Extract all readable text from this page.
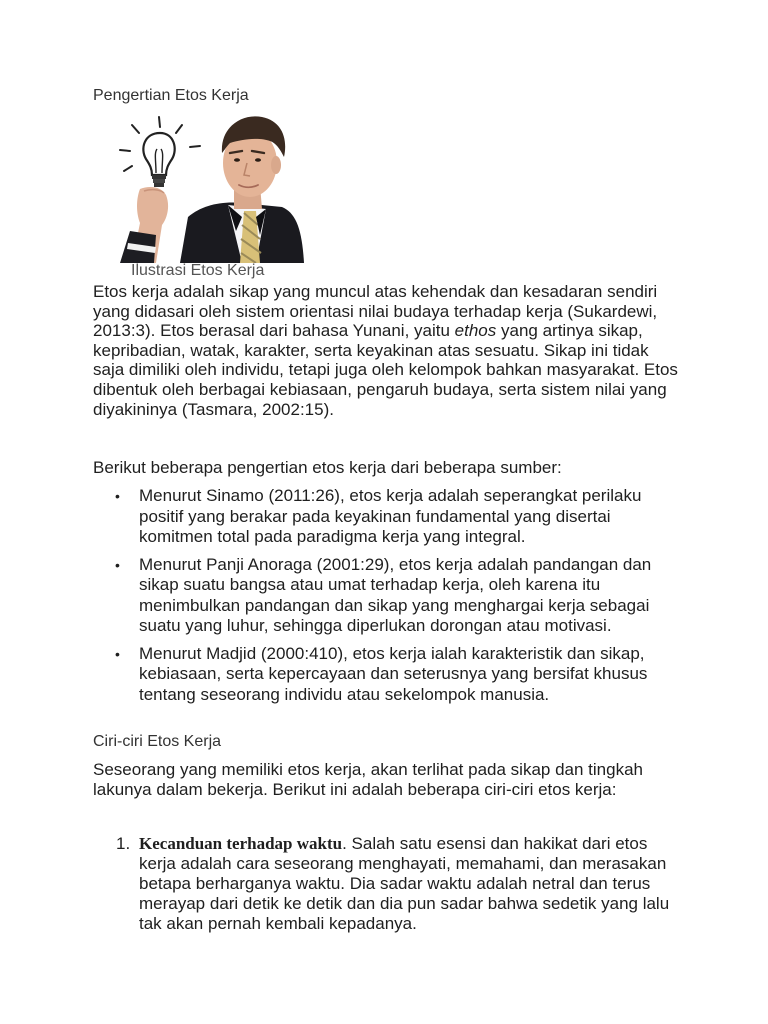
Pengertian Etos Kerja
Ilustrasi Etos Kerja
Etos kerja adalah sikap yang muncul atas kehendak dan kesadaran sendiri yang didasari oleh sistem orientasi nilai budaya terhadap kerja (Sukardewi, 2013:3). Etos berasal dari bahasa Yunani, yaitu ethos yang artinya sikap, kepribadian, watak, karakter, serta keyakinan atas sesuatu. Sikap ini tidak saja dimiliki oleh individu, tetapi juga oleh kelompok bahkan masyarakat. Etos dibentuk oleh berbagai kebiasaan, pengaruh budaya, serta sistem nilai yang diyakininya (Tasmara, 2002:15).
Berikut beberapa pengertian etos kerja dari beberapa sumber:
• Menurut Sinamo (2011:26), etos kerja adalah seperangkat perilaku positif yang berakar pada keyakinan fundamental yang disertai komitmen total pada paradigma kerja yang integral.
• Menurut Panji Anoraga (2001:29), etos kerja adalah pandangan dan sikap suatu bangsa atau umat terhadap kerja, oleh karena itu menimbulkan pandangan dan sikap yang menghargai kerja sebagai suatu yang luhur, sehingga diperlukan dorongan atau motivasi.
• Menurut Madjid (2000:410), etos kerja ialah karakteristik dan sikap, kebiasaan, serta kepercayaan dan seterusnya yang bersifat khusus tentang seseorang individu atau sekelompok manusia.
Ciri-ciri Etos Kerja
Seseorang yang memiliki etos kerja, akan terlihat pada sikap dan tingkah lakunya dalam bekerja. Berikut ini adalah beberapa ciri-ciri etos kerja:
1. Kecanduan terhadap waktu. Salah satu esensi dan hakikat dari etos kerja adalah cara seseorang menghayati, memahami, dan merasakan betapa berharganya waktu. Dia sadar waktu adalah netral dan terus merayap dari detik ke detik dan dia pun sadar bahwa sedetik yang lalu tak akan pernah kembali kepadanya.
